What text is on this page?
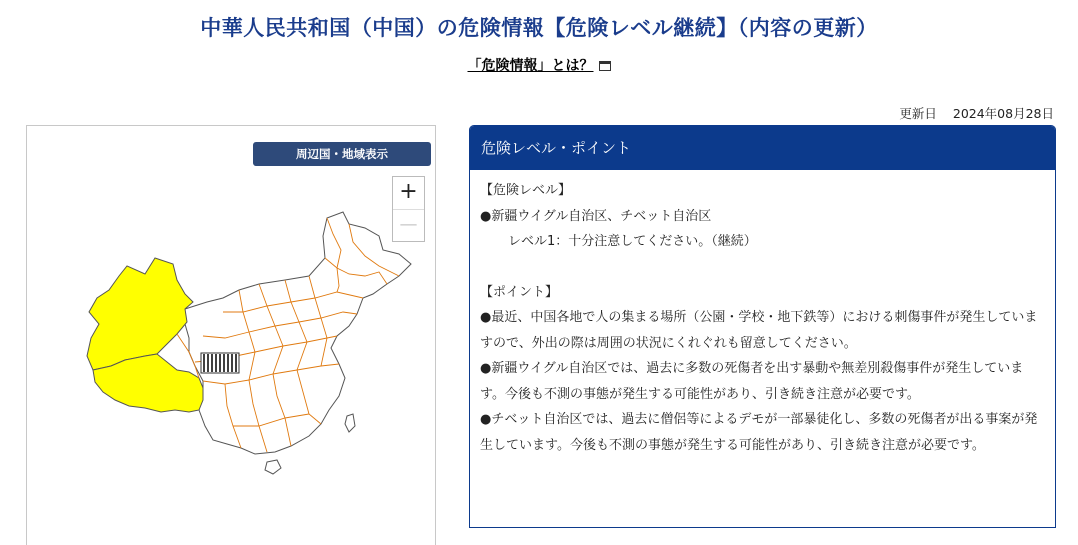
中華人民共和国（中国）の危険情報【危険レベル継続】（内容の更新）
「危険情報」とは？
更新日 2024年08月28日
周辺国・地域表示
+
—
危険レベル・ポイント

【危険レベル】

●新疆ウイグル自治区、チベット自治区

レベル1：十分注意してください。（継続）

【ポイント】

●最近、中国各地で人の集まる場所（公園・学校・地下鉄等）における刺傷事件が発生していますので、外出の際は周囲の状況にくれぐれも留意してください。

●新疆ウイグル自治区では、過去に多数の死傷者を出す暴動や無差別殺傷事件が発生しています。今後も不測の事態が発生する可能性があり、引き続き注意が必要です。

●チベット自治区では、過去に僧侶等によるデモが一部暴徒化し、多数の死傷者が出る事案が発生しています。今後も不測の事態が発生する可能性があり、引き続き注意が必要です。
